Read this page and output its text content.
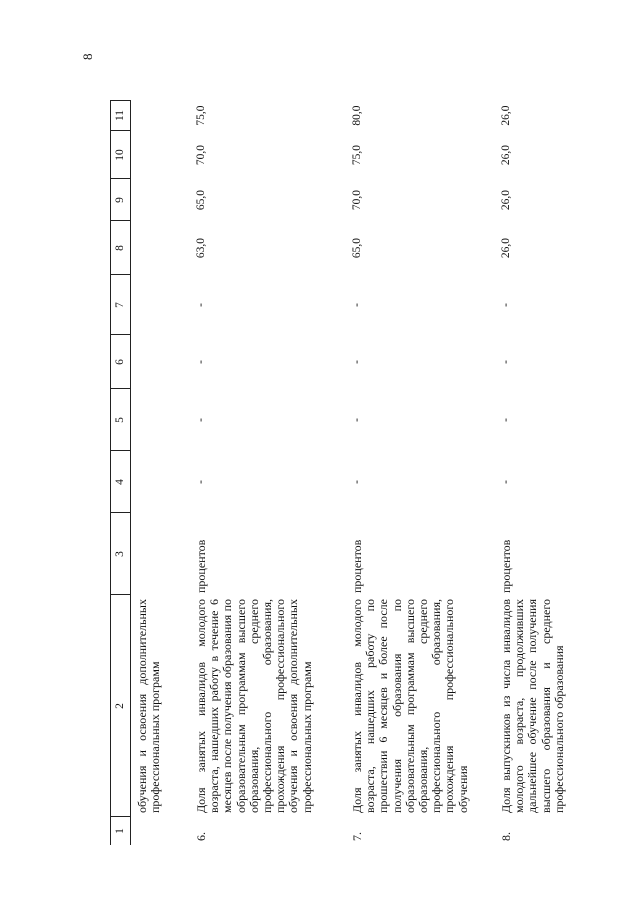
8
1
2
3
4
5
6
7
8
9
10
11
обучения и освоения дополнительных профессиональных программ
6.
Доля занятых инвалидов молодого возраста, нашедших работу в течение 6 месяцев после получения образования по образовательным программам высшего образования, среднего профессионального образования, прохождения профессионального обучения и освоения дополнительных профессиональных программ
процентов
-
-
-
-
63,0
65,0
70,0
75,0
7.
Доля занятых инвалидов молодого возраста, нашедших работу по прошествии 6 месяцев и более после получения образования по образовательным программам высшего образования, среднего профессионального образования, прохождения профессионального обучения
процентов
-
-
-
-
65,0
70,0
75,0
80,0
8.
Доля выпускников из числа инвалидов молодого возраста, продолживших дальнейшее обучение после получения высшего образования и среднего профессионального образования
процентов
-
-
-
-
26,0
26,0
26,0
26,0
